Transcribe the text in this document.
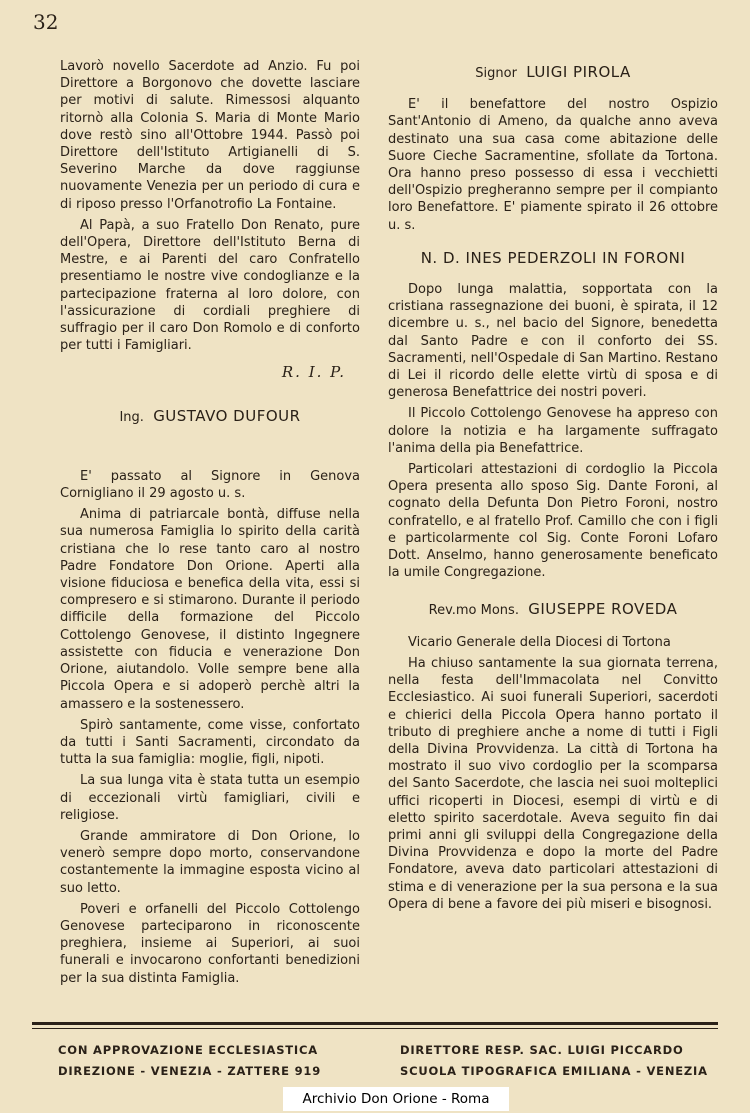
32

Lavorò novello Sacerdote ad Anzio. Fu poi Direttore a Borgonovo che dovette lasciare per motivi di salute. Rimessosi alquanto ritornò alla Colonia S. Maria di Monte Mario dove restò sino all'Ottobre 1944. Passò poi Direttore dell'Istituto Artigianelli di S. Severino Marche da dove raggiunse nuovamente Venezia per un periodo di cura e di riposo presso l'Orfanotrofio La Fontaine.

Al Papà, a suo Fratello Don Renato, pure dell'Opera, Direttore dell'Istituto Berna di Mestre, e ai Parenti del caro Confratello presentiamo le nostre vive condoglianze e la partecipazione fraterna al loro dolore, con l'assicurazione di cordiali preghiere di suffragio per il caro Don Romolo e di conforto per tutti i Famigliari.

R. I. P.
Ing. GUSTAVO DUFOUR

E' passato al Signore in Genova Cornigliano il 29 agosto u. s.

Anima di patriarcale bontà, diffuse nella sua numerosa Famiglia lo spirito della carità cristiana che lo rese tanto caro al nostro Padre Fondatore Don Orione. Aperti alla visione fiduciosa e benefica della vita, essi si compresero e si stimarono. Durante il periodo difficile della formazione del Piccolo Cottolengo Genovese, il distinto Ingegnere assistette con fiducia e venerazione Don Orione, aiutandolo. Volle sempre bene alla Piccola Opera e si adoperò perchè altri la amassero e la sostenessero.

Spirò santamente, come visse, confortato da tutti i Santi Sacramenti, circondato da tutta la sua famiglia: moglie, figli, nipoti.

La sua lunga vita è stata tutta un esempio di eccezionali virtù famigliari, civili e religiose.

Grande ammiratore di Don Orione, lo venerò sempre dopo morto, conservandone costantemente la immagine esposta vicino al suo letto.

Poveri e orfanelli del Piccolo Cottolengo Genovese parteciparono in riconoscente preghiera, insieme ai Superiori, ai suoi funerali e invocarono confortanti benedizioni per la sua distinta Famiglia.

Signor LUIGI PIROLA

E' il benefattore del nostro Ospizio Sant'Antonio di Ameno, da qualche anno aveva destinato una sua casa come abitazione delle Suore Cieche Sacramentine, sfollate da Tortona. Ora hanno preso possesso di essa i vecchietti dell'Ospizio pregheranno sempre per il compianto loro Benefattore. E' piamente spirato il 26 ottobre u. s.

N. D. INES PEDERZOLI IN FORONI

Dopo lunga malattia, sopportata con la cristiana rassegnazione dei buoni, è spirata, il 12 dicembre u. s., nel bacio del Signore, benedetta dal Santo Padre e con il conforto dei SS. Sacramenti, nell'Ospedale di San Martino. Restano di Lei il ricordo delle elette virtù di sposa e di generosa Benefattrice dei nostri poveri.

Il Piccolo Cottolengo Genovese ha appreso con dolore la notizia e ha largamente suffragato l'anima della pia Benefattrice.

Particolari attestazioni di cordoglio la Piccola Opera presenta allo sposo Sig. Dante Foroni, al cognato della Defunta Don Pietro Foroni, nostro confratello, e al fratello Prof. Camillo che con i figli e particolarmente col Sig. Conte Foroni Lofaro Dott. Anselmo, hanno generosamente beneficato la umile Congregazione.

Rev.mo Mons. GIUSEPPE ROVEDA

Vicario Generale della Diocesi di Tortona

Ha chiuso santamente la sua giornata terrena, nella festa dell'Immacolata nel Convitto Ecclesiastico. Ai suoi funerali Superiori, sacerdoti e chierici della Piccola Opera hanno portato il tributo di preghiere anche a nome di tutti i Figli della Divina Provvidenza. La città di Tortona ha mostrato il suo vivo cordoglio per la scomparsa del Santo Sacerdote, che lascia nei suoi molteplici uffici ricoperti in Diocesi, esempi di virtù e di eletto spirito sacerdotale. Aveva seguito fin dai primi anni gli sviluppi della Congregazione della Divina Provvidenza e dopo la morte del Padre Fondatore, aveva dato particolari attestazioni di stima e di venerazione per la sua persona e la sua Opera di bene a favore dei più miseri e bisognosi.

CON APPROVAZIONE ECCLESIASTICA
DIREZIONE - VENEZIA - ZATTERE 919
DIRETTORE RESP. SAC. LUIGI PICCARDO
SCUOLA TIPOGRAFICA EMILIANA - VENEZIA
Archivio Don Orione - Roma
